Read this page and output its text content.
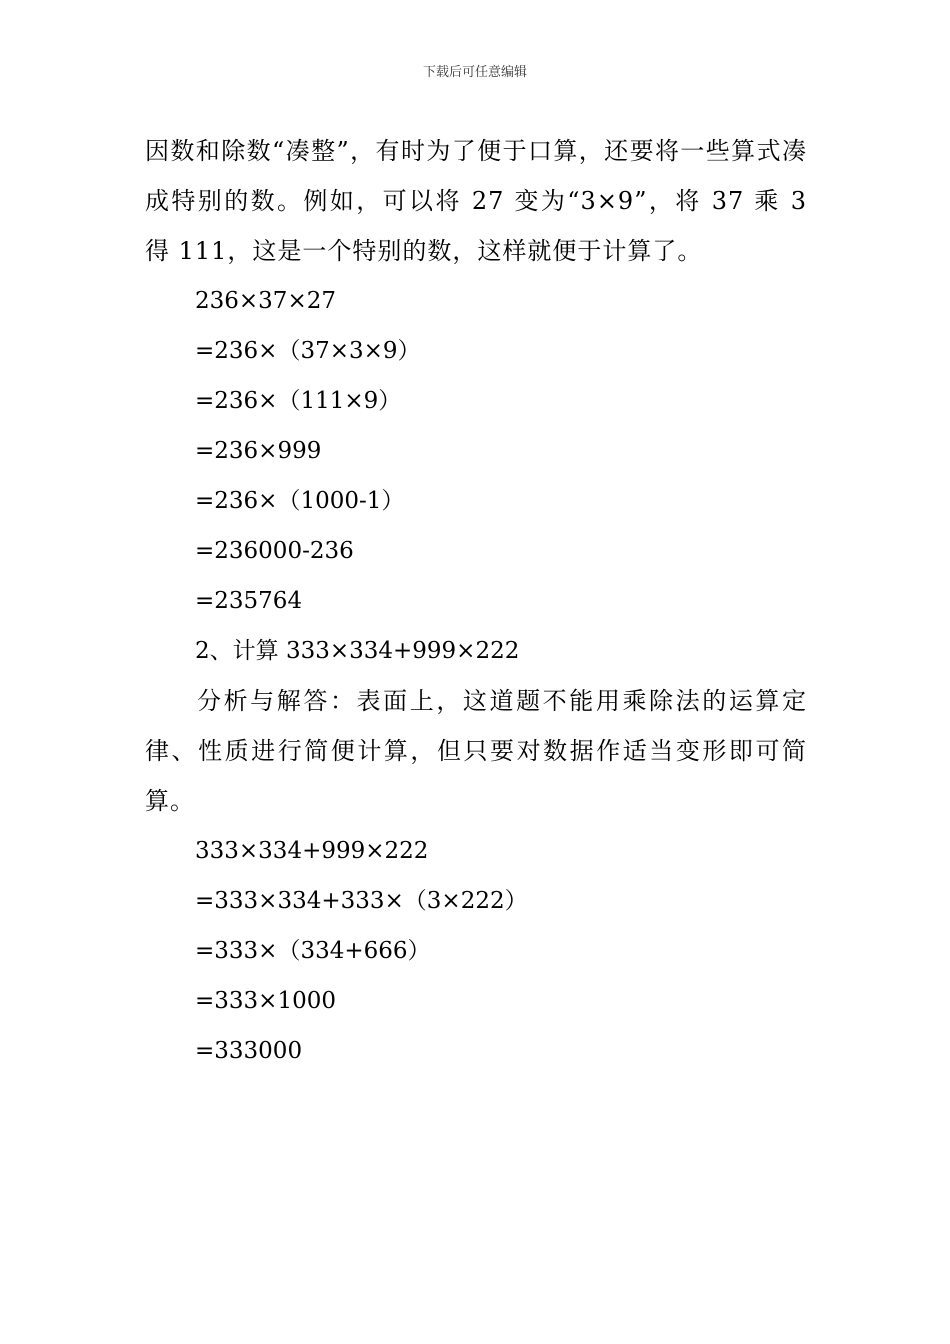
下载后可任意编辑

因数和除数“凑整”，有时为了便于口算，还要将一些算式凑成特别的数。例如，可以将 27 变为“3×9”，将 37 乘 3 得 111，这是一个特别的数，这样就便于计算了。

236×37×27

=236×（37×3×9）

=236×（111×9）

=236×999

=236×（1000-1）

=236000-236

=235764

2、计算 333×334+999×222

分析与解答：表面上，这道题不能用乘除法的运算定律、性质进行简便计算，但只要对数据作适当变形即可简算。

333×334+999×222

=333×334+333×（3×222）

=333×（334+666）

=333×1000

=333000
